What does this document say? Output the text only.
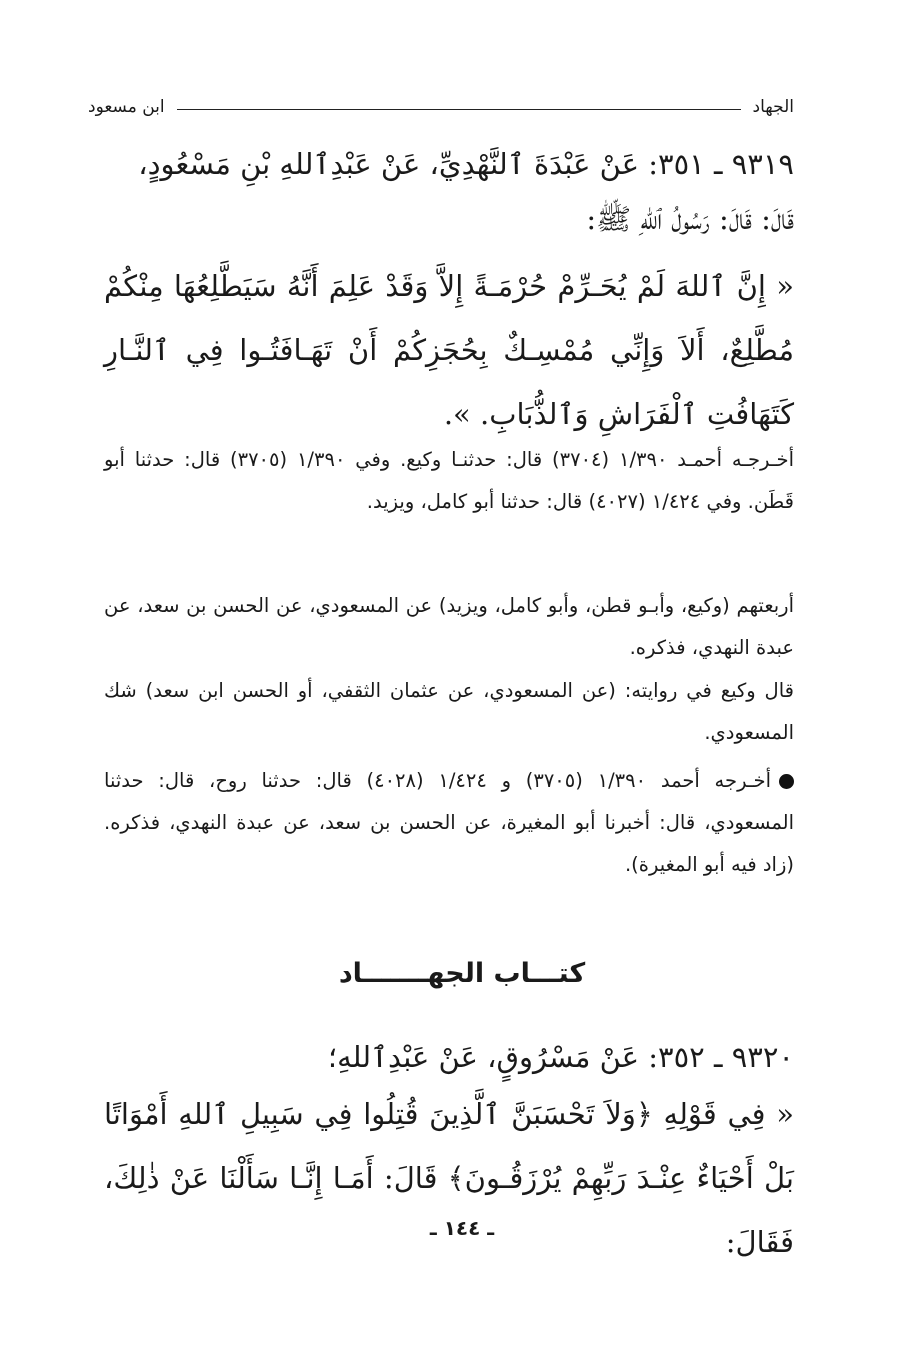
الجهاد
ابن مسعود
٩٣١٩ ـ ٣٥١: عَنْ عَبْدَةَ ٱلنَّهْدِيِّ، عَنْ عَبْدِٱللهِ بْنِ مَسْعُودٍ،
قَالَ: قَالَ: رَسُولُ ٱللهِ ﷺ:
« إِنَّ ٱللهَ لَمْ يُحَـرِّمْ حُرْمَـةً إِلاَّ وَقَدْ عَلِمَ أَنَّهُ سَيَطَّلِعُهَا مِنْكُمْ مُطَّلِعٌ، أَلاَ وَإِنِّي مُمْسِـكٌ بِحُجَزِكُمْ أَنْ تَهَـافَتُـوا فِي ٱلنَّـارِ كَتَهَافُتِ ٱلْفَرَاشِ وَٱلذُّبَابِ. ».
أخـرجـه أحمـد ١/٣٩٠ (٣٧٠٤) قال: حدثنـا وكيع. وفي ١/٣٩٠ (٣٧٠٥) قال: حدثنا أبو قَطَن. وفي ١/٤٢٤ (٤٠٢٧) قال: حدثنا أبو كامل، ويزيد.
أربعتهم (وكيع، وأبـو قطن، وأبو كامل، ويزيد) عن المسعودي، عن الحسن بن سعد، عن عبدة النهدي، فذكره.
قال وكيع في روايته: (عن المسعودي، عن عثمان الثقفي، أو الحسن ابن سعد) شك المسعودي.
أخـرجه أحمد ١/٣٩٠ (٣٧٠٥) و ١/٤٢٤ (٤٠٢٨) قال: حدثنا روح، قال: حدثنا المسعودي، قال: أخبرنا أبو المغيرة، عن الحسن بن سعد، عن عبدة النهدي، فذكره. (زاد فيه أبو المغيرة).
كتـــاب الجهـــــــاد
٩٣٢٠ ـ ٣٥٢: عَنْ مَسْرُوقٍ، عَنْ عَبْدِٱللهِ؛
« فِي قَوْلِهِ ﴿وَلاَ تَحْسَبَنَّ ٱلَّذِينَ قُتِلُوا فِي سَبِيلِ ٱللهِ أَمْوَاتًا بَلْ أَحْيَاءٌ عِنْـدَ رَبِّهِمْ يُرْزَقُـونَ﴾ قَالَ: أَمَـا إِنَّـا سَأَلْنَا عَنْ ذٰلِكَ، فَقَالَ:
ـ ١٤٤ ـ
